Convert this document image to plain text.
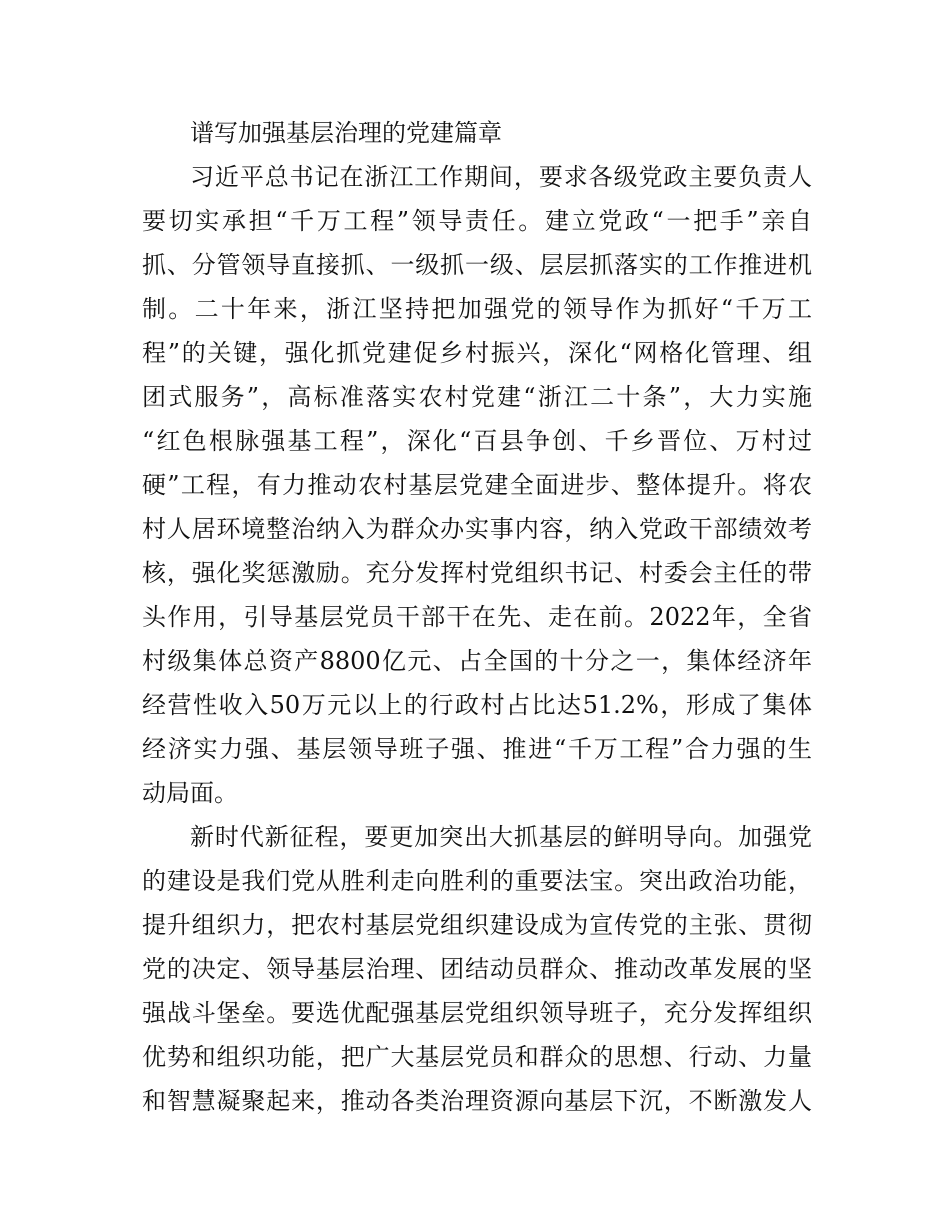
谱写加强基层治理的党建篇章
习近平总书记在浙江工作期间，要求各级党政主要负责人
要切实承担“千万工程”领导责任。建立党政“一把手”亲自
抓、分管领导直接抓、一级抓一级、层层抓落实的工作推进机
制。二十年来，浙江坚持把加强党的领导作为抓好“千万工
程”的关键，强化抓党建促乡村振兴，深化“网格化管理、组
团式服务”，高标准落实农村党建“浙江二十条”，大力实施
“红色根脉强基工程”，深化“百县争创、千乡晋位、万村过
硬”工程，有力推动农村基层党建全面进步、整体提升。将农
村人居环境整治纳入为群众办实事内容，纳入党政干部绩效考
核，强化奖惩激励。充分发挥村党组织书记、村委会主任的带
头作用，引导基层党员干部干在先、走在前。2022年，全省
村级集体总资产8800亿元、占全国的十分之一，集体经济年
经营性收入50万元以上的行政村占比达51.2%，形成了集体
经济实力强、基层领导班子强、推进“千万工程”合力强的生
动局面。
新时代新征程，要更加突出大抓基层的鲜明导向。加强党
的建设是我们党从胜利走向胜利的重要法宝。突出政治功能，
提升组织力，把农村基层党组织建设成为宣传党的主张、贯彻
党的决定、领导基层治理、团结动员群众、推动改革发展的坚
强战斗堡垒。要选优配强基层党组织领导班子，充分发挥组织
优势和组织功能，把广大基层党员和群众的思想、行动、力量
和智慧凝聚起来，推动各类治理资源向基层下沉，不断激发人
